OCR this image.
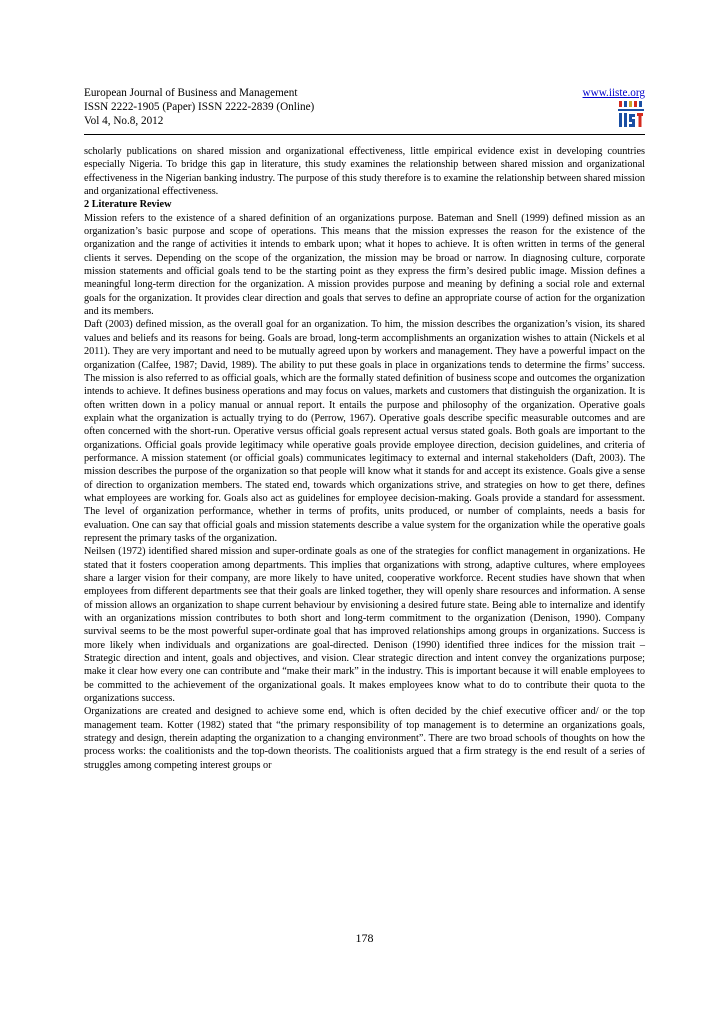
European Journal of Business and Management
ISSN 2222-1905 (Paper) ISSN 2222-2839 (Online)
Vol 4, No.8, 2012
www.iiste.org

scholarly publications on shared mission and organizational effectiveness, little empirical evidence exist in developing countries especially Nigeria. To bridge this gap in literature, this study examines the relationship between shared mission and organizational effectiveness in the Nigerian banking industry. The purpose of this study therefore is to examine the relationship between shared mission and organizational effectiveness.

2 Literature Review

Mission refers to the existence of a shared definition of an organizations purpose. Bateman and Snell (1999) defined mission as an organization’s basic purpose and scope of operations. This means that the mission expresses the reason for the existence of the organization and the range of activities it intends to embark upon; what it hopes to achieve. It is often written in terms of the general clients it serves. Depending on the scope of the organization, the mission may be broad or narrow. In diagnosing culture, corporate mission statements and official goals tend to be the starting point as they express the firm’s desired public image. Mission defines a meaningful long-term direction for the organization. A mission provides purpose and meaning by defining a social role and external goals for the organization. It provides clear direction and goals that serves to define an appropriate course of action for the organization and its members.

Daft (2003) defined mission, as the overall goal for an organization. To him, the mission describes the organization’s vision, its shared values and beliefs and its reasons for being. Goals are broad, long-term accomplishments an organization wishes to attain (Nickels et al 2011). They are very important and need to be mutually agreed upon by workers and management. They have a powerful impact on the organization (Calfee, 1987; David, 1989). The ability to put these goals in place in organizations tends to determine the firms’ success. The mission is also referred to as official goals, which are the formally stated definition of business scope and outcomes the organization intends to achieve. It defines business operations and may focus on values, markets and customers that distinguish the organization. It is often written down in a policy manual or annual report. It entails the purpose and philosophy of the organization. Operative goals explain what the organization is actually trying to do (Perrow, 1967). Operative goals describe specific measurable outcomes and are often concerned with the short-run. Operative versus official goals represent actual versus stated goals. Both goals are important to the organizations. Official goals provide legitimacy while operative goals provide employee direction, decision guidelines, and criteria of performance. A mission statement (or official goals) communicates legitimacy to external and internal stakeholders (Daft, 2003). The mission describes the purpose of the organization so that people will know what it stands for and accept its existence. Goals give a sense of direction to organization members. The stated end, towards which organizations strive, and strategies on how to get there, defines what employees are working for. Goals also act as guidelines for employee decision-making. Goals provide a standard for assessment. The level of organization performance, whether in terms of profits, units produced, or number of complaints, needs a basis for evaluation. One can say that official goals and mission statements describe a value system for the organization while the operative goals represent the primary tasks of the organization.

Neilsen (1972) identified shared mission and super-ordinate goals as one of the strategies for conflict management in organizations. He stated that it fosters cooperation among departments. This implies that organizations with strong, adaptive cultures, where employees share a larger vision for their company, are more likely to have united, cooperative workforce. Recent studies have shown that when employees from different departments see that their goals are linked together, they will openly share resources and information. A sense of mission allows an organization to shape current behaviour by envisioning a desired future state. Being able to internalize and identify with an organizations mission contributes to both short and long-term commitment to the organization (Denison, 1990). Company survival seems to be the most powerful super-ordinate goal that has improved relationships among groups in organizations. Success is more likely when individuals and organizations are goal-directed. Denison (1990) identified three indices for the mission trait – Strategic direction and intent, goals and objectives, and vision. Clear strategic direction and intent convey the organizations purpose; make it clear how every one can contribute and “make their mark” in the industry. This is important because it will enable employees to be committed to the achievement of the organizational goals. It makes employees know what to do to contribute their quota to the organizations success.

Organizations are created and designed to achieve some end, which is often decided by the chief executive officer and/ or the top management team. Kotter (1982) stated that “the primary responsibility of top management is to determine an organizations goals, strategy and design, therein adapting the organization to a changing environment”. There are two broad schools of thoughts on how the process works: the coalitionists and the top-down theorists. The coalitionists argued that a firm strategy is the end result of a series of struggles among competing interest groups or

178
